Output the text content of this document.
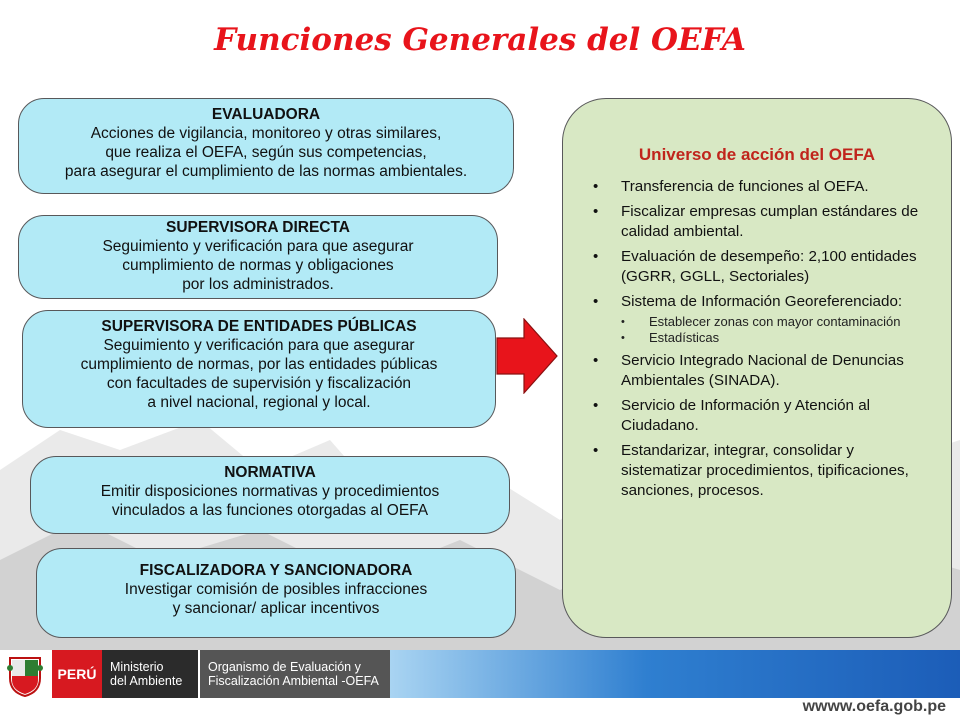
Funciones Generales del OEFA
EVALUADORA
Acciones de vigilancia, monitoreo y otras similares,
que realiza el OEFA, según sus competencias,
para asegurar el cumplimiento de las normas ambientales.
SUPERVISORA DIRECTA
Seguimiento y verificación para que asegurar
cumplimiento de normas y obligaciones
por los administrados.
SUPERVISORA DE ENTIDADES PÚBLICAS
Seguimiento y verificación para que asegurar
cumplimiento de normas, por las entidades públicas
con facultades de supervisión y fiscalización
a nivel nacional, regional y local.
NORMATIVA
Emitir disposiciones normativas y procedimientos
vinculados a las funciones otorgadas al OEFA
FISCALIZADORA Y SANCIONADORA
Investigar comisión de posibles infracciones
y sancionar/ aplicar incentivos
Universo de acción del OEFA
• Transferencia de funciones al OEFA.
• Fiscalizar empresas cumplan estándares de calidad ambiental.
• Evaluación de desempeño: 2,100 entidades (GGRR, GGLL, Sectoriales)
• Sistema de Información Georeferenciado:
• Establecer zonas con mayor contaminación
• Estadísticas
• Servicio Integrado Nacional de Denuncias Ambientales (SINADA).
• Servicio de Información y Atención al Ciudadano.
• Estandarizar, integrar, consolidar y sistematizar procedimientos, tipificaciones, sanciones, procesos.
PERÚ	Ministerio
del Ambiente
Organismo de Evaluación y
Fiscalización Ambiental -OEFA
wwww.oefa.gob.pe
